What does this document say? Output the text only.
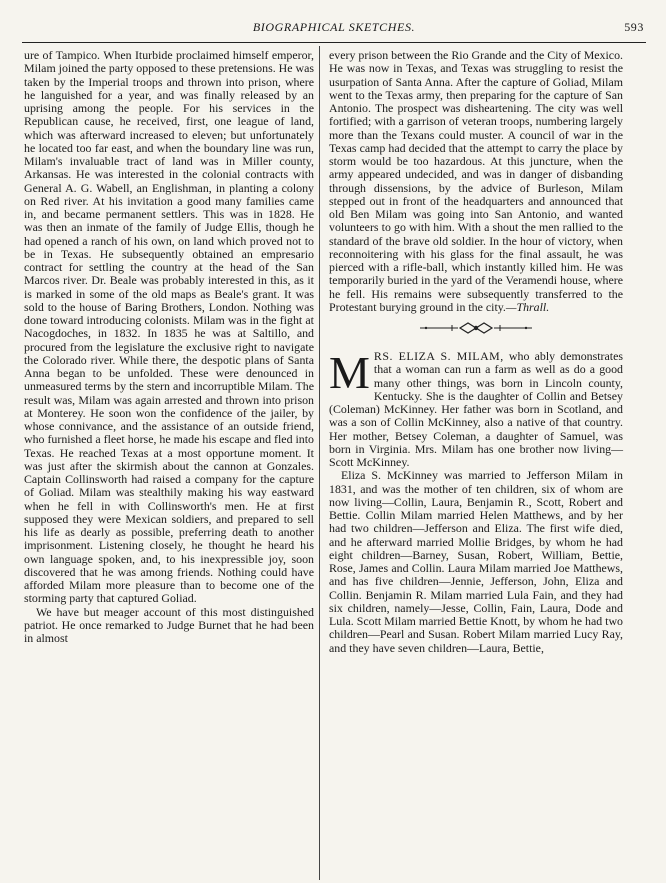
BIOGRAPHICAL SKETCHES.	593

ure of Tampico. When Iturbide proclaimed himself emperor, Milam joined the party opposed to these pretensions. He was taken by the Imperial troops and thrown into prison, where he languished for a year, and was finally released by an uprising among the people. For his services in the Republican cause, he received, first, one league of land, which was afterward increased to eleven; but unfortunately he located too far east, and when the boundary line was run, Milam's invaluable tract of land was in Miller county, Arkansas. He was interested in the colonial contracts with General A. G. Wabell, an Englishman, in planting a colony on Red river. At his invitation a good many families came in, and became permanent settlers. This was in 1828. He was then an inmate of the family of Judge Ellis, though he had opened a ranch of his own, on land which proved not to be in Texas. He subsequently obtained an empresario contract for settling the country at the head of the San Marcos river. Dr. Beale was probably interested in this, as it is marked in some of the old maps as Beale's grant. It was sold to the house of Baring Brothers, London. Nothing was done toward introducing colonists. Milam was in the fight at Nacogdoches, in 1832. In 1835 he was at Saltillo, and procured from the legislature the exclusive right to navigate the Colorado river. While there, the despotic plans of Santa Anna began to be unfolded. These were denounced in unmeasured terms by the stern and incorruptible Milam. The result was, Milam was again arrested and thrown into prison at Monterey. He soon won the confidence of the jailer, by whose connivance, and the assistance of an outside friend, who furnished a fleet horse, he made his escape and fled into Texas. He reached Texas at a most opportune moment. It was just after the skirmish about the cannon at Gonzales. Captain Collinsworth had raised a company for the capture of Goliad. Milam was stealthily making his way eastward when he fell in with Collinsworth's men. He at first supposed they were Mexican soldiers, and prepared to sell his life as dearly as possible, preferring death to another imprisonment. Listening closely, he thought he heard his own language spoken, and, to his inexpressible joy, soon discovered that he was among friends. Nothing could have afforded Milam more pleasure than to become one of the storming party that captured Goliad.

We have but meager account of this most distinguished patriot. He once remarked to Judge Burnet that he had been in almost

every prison between the Rio Grande and the City of Mexico. He was now in Texas, and Texas was struggling to resist the usurpation of Santa Anna. After the capture of Goliad, Milam went to the Texas army, then preparing for the capture of San Antonio. The prospect was disheartening. The city was well fortified; with a garrison of veteran troops, numbering largely more than the Texans could muster. A council of war in the Texas camp had decided that the attempt to carry the place by storm would be too hazardous. At this juncture, when the army appeared undecided, and was in danger of disbanding through dissensions, by the advice of Burleson, Milam stepped out in front of the headquarters and announced that old Ben Milam was going into San Antonio, and wanted volunteers to go with him. With a shout the men rallied to the standard of the brave old soldier. In the hour of victory, when reconnoitering with his glass for the final assault, he was pierced with a rifle-ball, which instantly killed him. He was temporarily buried in the yard of the Veramendi house, where he fell. His remains were subsequently transferred to the Protestant burying ground in the city.—Thrall.

MRS. ELIZA S. MILAM, who ably demonstrates that a woman can run a farm as well as do a good many other things, was born in Lincoln county, Kentucky. She is the daughter of Collin and Betsey (Coleman) McKinney. Her father was born in Scotland, and was a son of Collin McKinney, also a native of that country. Her mother, Betsey Coleman, a daughter of Samuel, was born in Virginia. Mrs. Milam has one brother now living—Scott McKinney.

Eliza S. McKinney was married to Jefferson Milam in 1831, and was the mother of ten children, six of whom are now living—Collin, Laura, Benjamin R., Scott, Robert and Bettie. Collin Milam married Helen Matthews, and by her had two children—Jefferson and Eliza. The first wife died, and he afterward married Mollie Bridges, by whom he had eight children—Barney, Susan, Robert, William, Bettie, Rose, James and Collin. Laura Milam married Joe Matthews, and has five children—Jennie, Jefferson, John, Eliza and Collin. Benjamin R. Milam married Lula Fain, and they had six children, namely—Jesse, Collin, Fain, Laura, Dode and Lula. Scott Milam married Bettie Knott, by whom he had two children—Pearl and Susan. Robert Milam married Lucy Ray, and they have seven children—Laura, Bettie,
